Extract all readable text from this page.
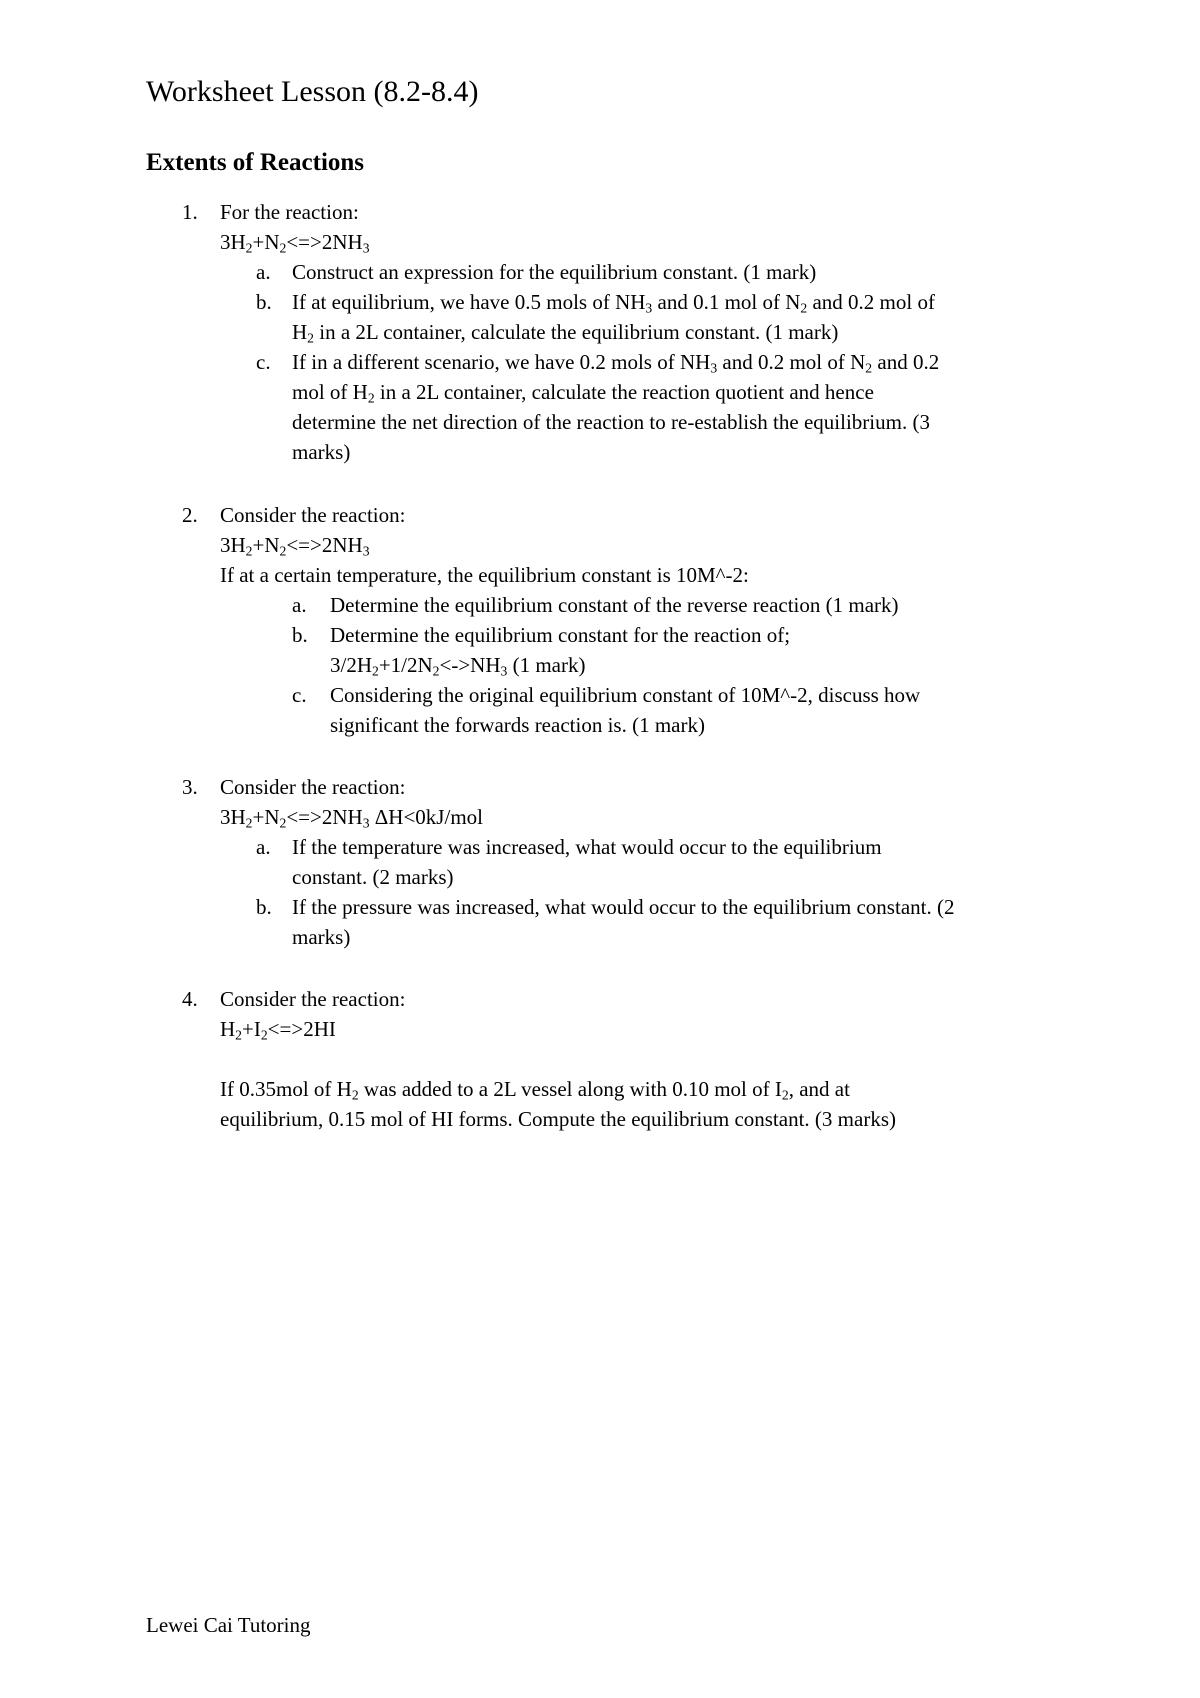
Worksheet Lesson (8.2-8.4)
Extents of Reactions
1. For the reaction:
$3H_2+N_2<=>2NH_3$
a. Construct an expression for the equilibrium constant. (1 mark)
b. If at equilibrium, we have 0.5 mols of $NH_3$ and 0.1 mol of $N_2$ and 0.2 mol of
$H_2$ in a 2L container, calculate the equilibrium constant. (1 mark)
c. If in a different scenario, we have 0.2 mols of $NH_3$ and 0.2 mol of $N_2$ and 0.2
mol of $H_2$ in a 2L container, calculate the reaction quotient and hence
determine the net direction of the reaction to re-establish the equilibrium. (3
marks)
2. Consider the reaction:
$3H_2+N_2<=>2NH_3$
If at a certain temperature, the equilibrium constant is 10M^-2:
a. Determine the equilibrium constant of the reverse reaction (1 mark)
b. Determine the equilibrium constant for the reaction of;
$3/2H_2+1/2N_2<->NH_3$ (1 mark)
c. Considering the original equilibrium constant of 10M^-2, discuss how
significant the forwards reaction is. (1 mark)
3. Consider the reaction:
$3H_2+N_2<=>2NH_3$ ΔH<0kJ/mol
a. If the temperature was increased, what would occur to the equilibrium
constant. (2 marks)
b. If the pressure was increased, what would occur to the equilibrium constant. (2
marks)
4. Consider the reaction:
$H_2+I_2<=>2HI$
If 0.35mol of $H_2$ was added to a 2L vessel along with 0.10 mol of $I_2$, and at
equilibrium, 0.15 mol of HI forms. Compute the equilibrium constant. (3 marks)
Lewei Cai Tutoring
